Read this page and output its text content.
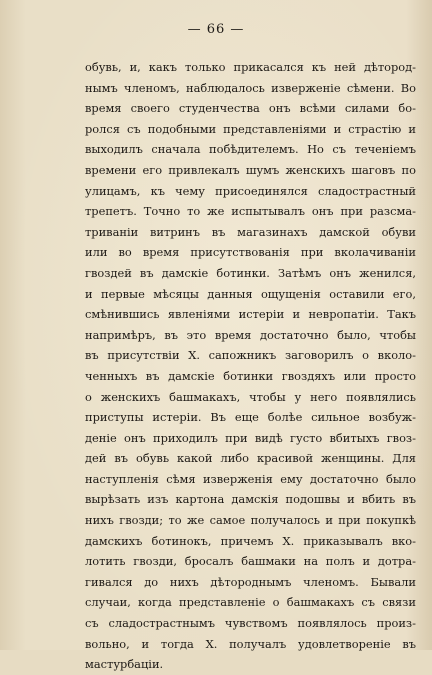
— 66 —
обувь, и, какъ только прикасался къ ней дѣтород-
нымъ членомъ, наблюдалось изверженіе сѣмени. Во
время своего студенчества онъ всѣми силами бо-
ролся съ подобными представленіями и страстію и
выходилъ сначала побѣдителемъ. Но съ теченіемъ
времени его привлекалъ шумъ женскихъ шаговъ по
улицамъ, къ чему присоединялся сладострастный
трепетъ. Точно то же испытывалъ онъ при разсма-
триваніи витринъ въ магазинахъ дамской обуви
или во время присутствованія при вколачиваніи
гвоздей въ дамскіе ботинки. Затѣмъ онъ женился,
и первые мѣсяцы данныя ощущенія оставили его,
смѣнившись явленіями истеріи и невропатіи. Такъ
напримѣръ, въ это время достаточно было, чтобы
въ присутствіи Х. сапожникъ заговорилъ о вколо-
ченныхъ въ дамскіе ботинки гвоздяхъ или просто
о женскихъ башмакахъ, чтобы у него появлялись
приступы истеріи. Въ еще болѣе сильное возбуж-
деніе онъ приходилъ при видѣ густо вбитыхъ гвоз-
дей въ обувь какой либо красивой женщины. Для
наступленія сѣмя изверженія ему достаточно было
вырѣзать изъ картона дамскія подошвы и вбить въ
нихъ гвозди; то же самое получалось и при покупкѣ
дамскихъ ботинокъ, причемъ Х. приказывалъ вко-
лотить гвозди, бросалъ башмаки на полъ и дотра-
гивался до нихъ дѣтороднымъ членомъ. Бывали
случаи, когда представленіе о башмакахъ съ связи
съ сладострастнымъ чувствомъ появлялось произ-
вольно, и тогда Х. получалъ удовлетвореніе въ
мастурбаціи.
